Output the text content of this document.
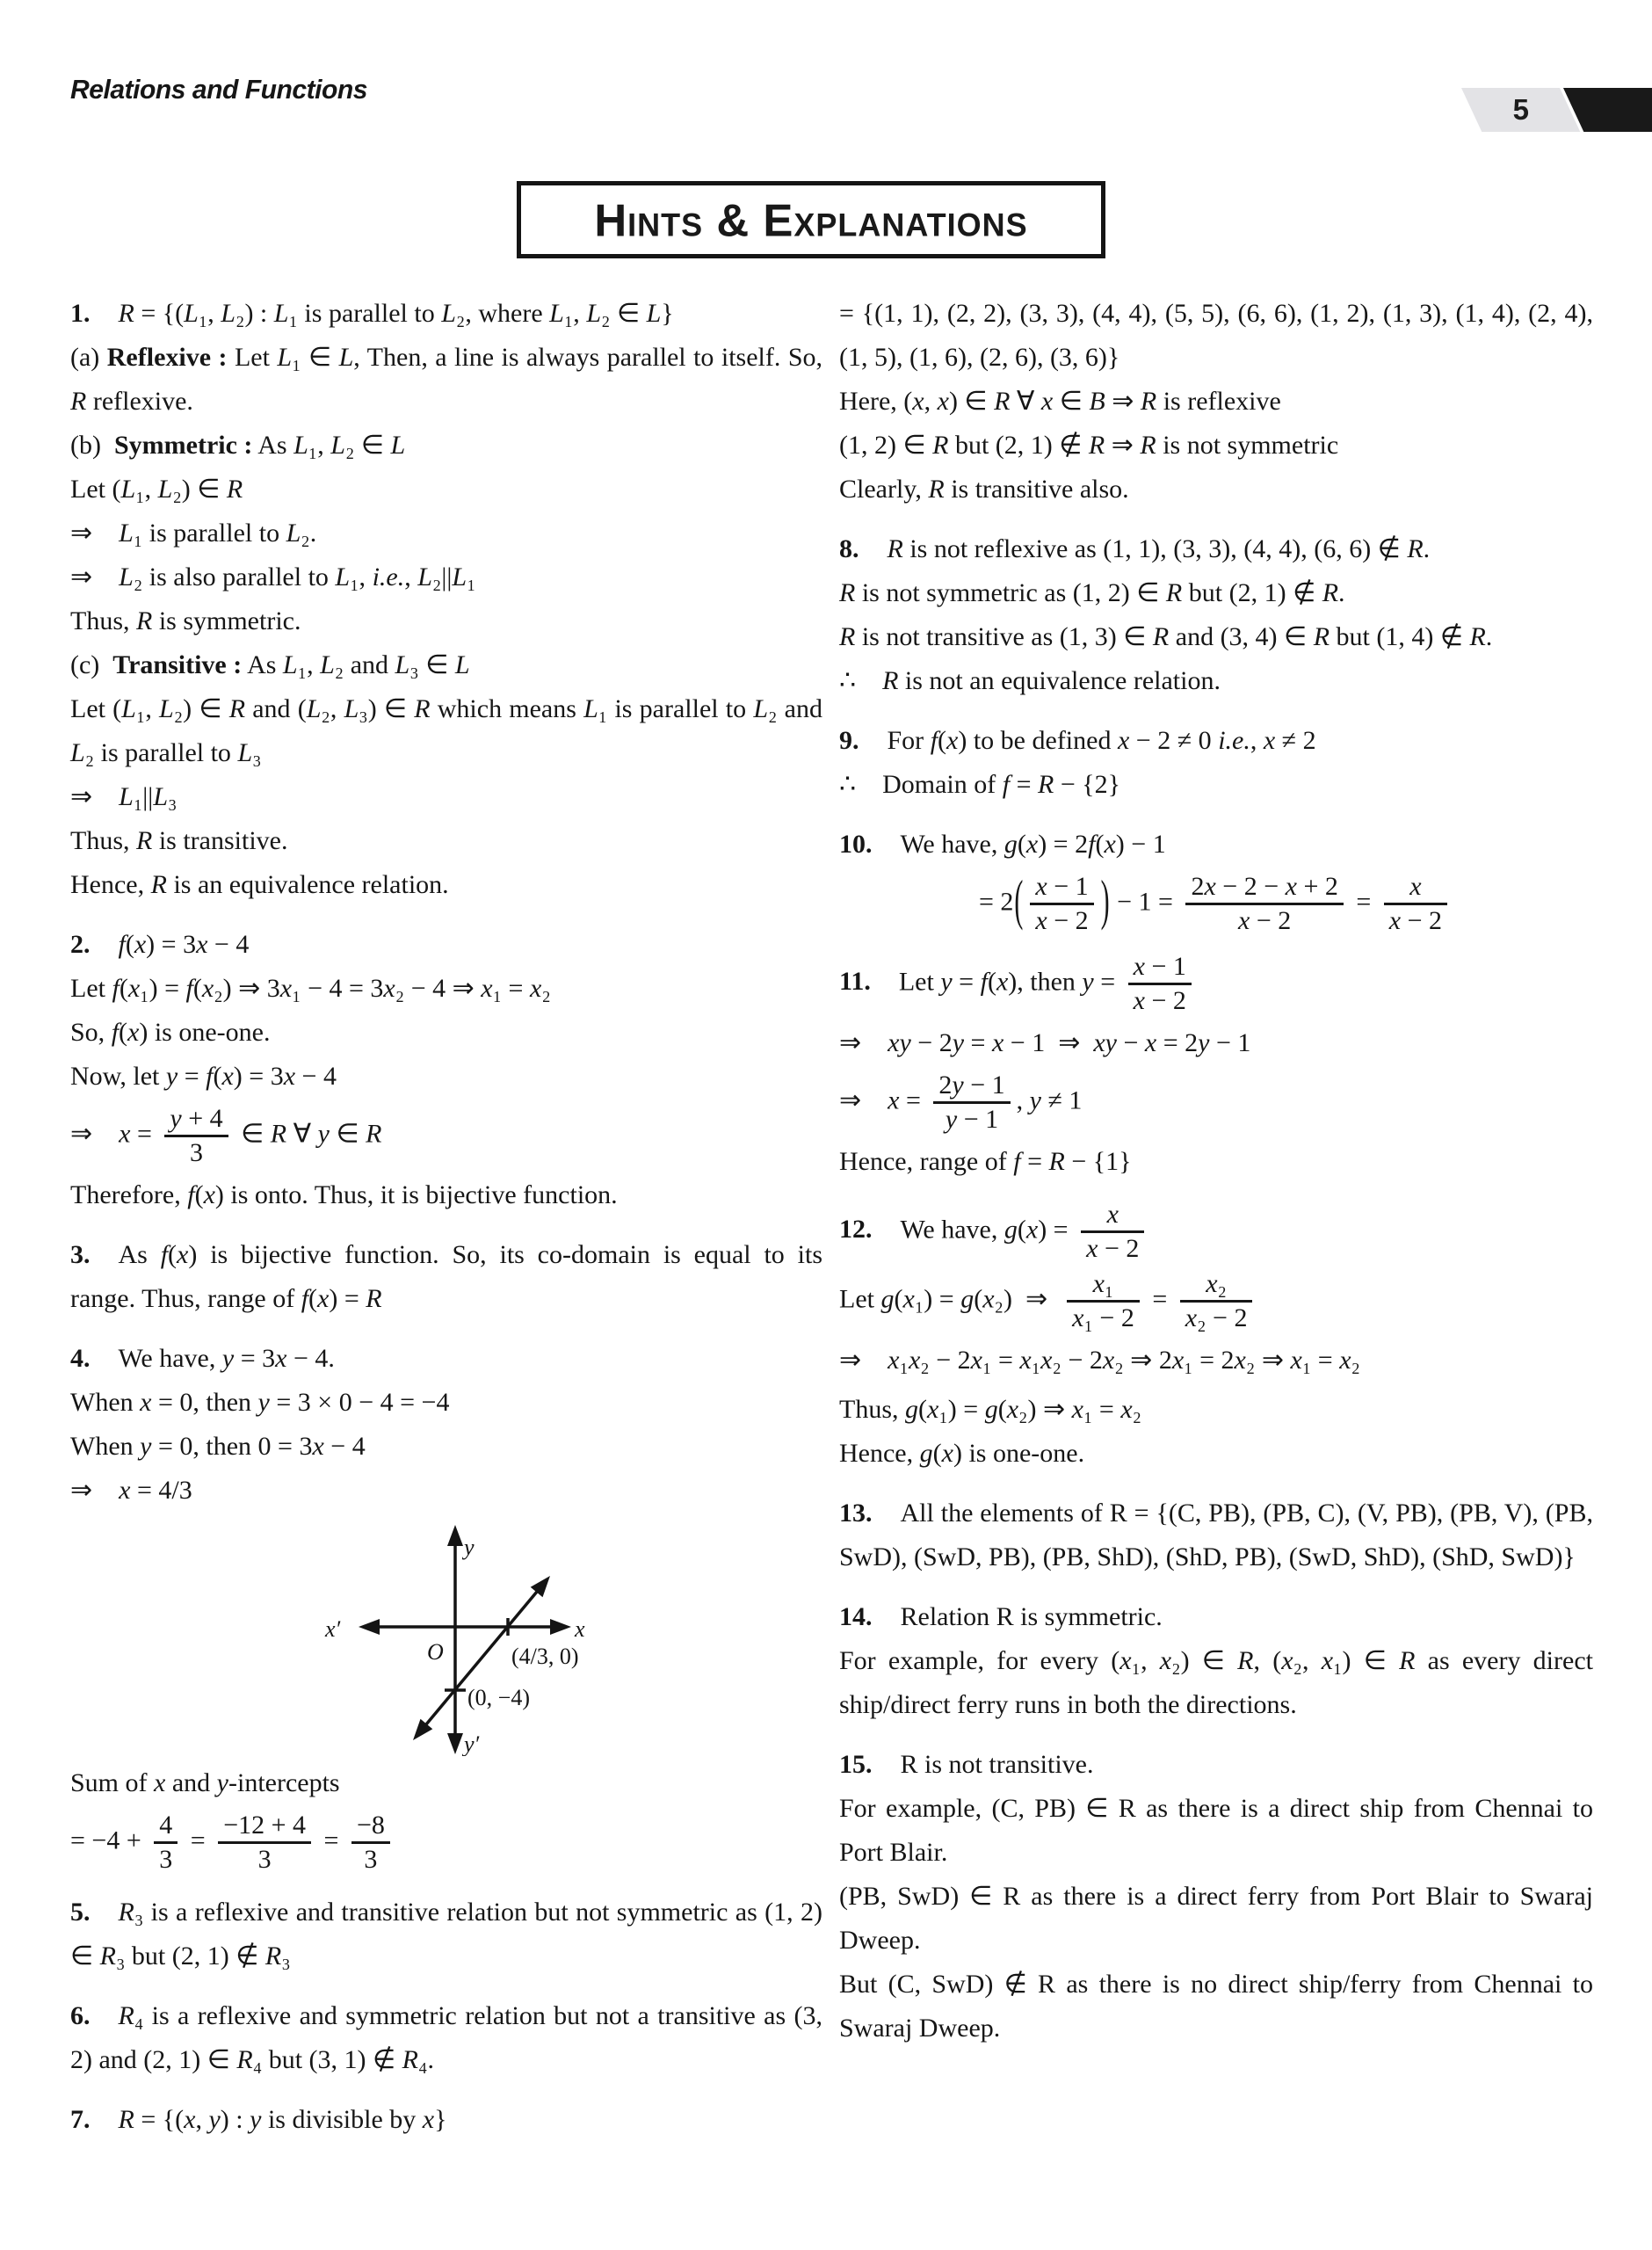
Relations and Functions
5
Hints & Explanations

1. R = {(L₁, L₂) : L₁ is parallel to L₂, where L₁, L₂ ∈ L}

(a) Reflexive : Let L₁ ∈ L, Then, a line is always parallel to itself. So, R reflexive.

(b) Symmetric : As L₁, L₂ ∈ L

Let (L₁, L₂) ∈ R

⇒ L₁ is parallel to L₂.

⇒ L₂ is also parallel to L₁, i.e., L₂||L₁

Thus, R is symmetric.

(c) Transitive : As L₁, L₂ and L₃ ∈ L

Let (L₁, L₂) ∈ R and (L₂, L₃) ∈ R which means L₁ is parallel to L₂ and L₂ is parallel to L₃

⇒ L₁||L₃

Thus, R is transitive.

Hence, R is an equivalence relation.

2. f(x) = 3x − 4

Let f(x₁) = f(x₂) ⇒ 3x₁ − 4 = 3x₂ − 4 ⇒ x₁ = x₂

So, f(x) is one-one.

Now, let y = f(x) = 3x − 4

⇒ $x = \frac{y + 4}{3}$ ∈ R ∀ y ∈ R

Therefore, f(x) is onto. Thus, it is bijective function.

3. As f(x) is bijective function. So, its co-domain is equal to its range. Thus, range of f(x) = R

4. We have, y = 3x − 4.

When x = 0, then y = 3 × 0 − 4 = −4

When y = 0, then 0 = 3x − 4

⇒ x = 4/3

y
y′
x
x′
O	(4/3, 0)
(0, −4)

Sum of x and y-intercepts

= $-4 + \frac{4}{3} = \frac{-12 + 4}{3} = \frac{-8}{3}$

5. R₃ is a reflexive and transitive relation but not symmetric as (1, 2) ∈ R₃ but (2, 1) ∉ R₃

6. R₄ is a reflexive and symmetric relation but not a transitive as (3, 2) and (2, 1) ∈ R₄ but (3, 1) ∉ R₄.

7. R = {(x, y) : y is divisible by x}

= {(1, 1), (2, 2), (3, 3), (4, 4), (5, 5), (6, 6), (1, 2), (1, 3), (1, 4), (2, 4), (1, 5), (1, 6), (2, 6), (3, 6)}

Here, (x, x) ∈ R ∀ x ∈ B ⇒ R is reflexive

(1, 2) ∈ R but (2, 1) ∉ R ⇒ R is not symmetric

Clearly, R is transitive also.

8. R is not reflexive as (1, 1), (3, 3), (4, 4), (6, 6) ∉ R.

R is not symmetric as (1, 2) ∈ R but (2, 1) ∉ R.

R is not transitive as (1, 3) ∈ R and (3, 4) ∈ R but (1, 4) ∉ R.

∴ R is not an equivalence relation.

9. For f(x) to be defined x − 2 ≠ 0 i.e., x ≠ 2

∴ Domain of f = R − {2}

10. We have, g(x) = 2f(x) − 1

= $2( \frac{x - 1}{x - 2}$ ) − $1 = \frac{2x - 2 - x + 2}{x - 2} = \frac{x}{x - 2}$

11. Let y = f(x), then $y = \frac{x - 1}{x - 2}$

⇒ xy − 2y = x − 1 ⇒ xy − x = 2y − 1

⇒ $x = \frac{2y - 1}{y - 1}$ , y ≠ 1

Hence, range of f = R − {1}

12. We have, $g(x) = \frac{x}{x - 2}$

Let g(x₁) = g(x₂) ⇒  $\frac{\text{x₁}}{\text{x₁ − 2}} = \frac{\text{x₂}}{\text{x₂ − 2}}$

⇒ x₁x₂ − 2x₁ = x₁x₂ − 2x₂ ⇒ 2x₁ = 2x₂ ⇒ x₁ = x₂

Thus, g(x₁) = g(x₂) ⇒ x₁ = x₂

Hence, g(x) is one-one.

13. All the elements of R = {(C, PB), (PB, C), (V, PB), (PB, V), (PB, SwD), (SwD, PB), (PB, ShD), (ShD, PB), (SwD, ShD), (ShD, SwD)}

14. Relation R is symmetric.

For example, for every (x₁, x₂) ∈ R, (x₂, x₁) ∈ R as every direct ship/direct ferry runs in both the directions.

15. R is not transitive.

For example, (C, PB) ∈ R as there is a direct ship from Chennai to Port Blair.

(PB, SwD) ∈ R as there is a direct ferry from Port Blair to Swaraj Dweep.

But (C, SwD) ∉ R as there is no direct ship/ferry from Chennai to Swaraj Dweep.
